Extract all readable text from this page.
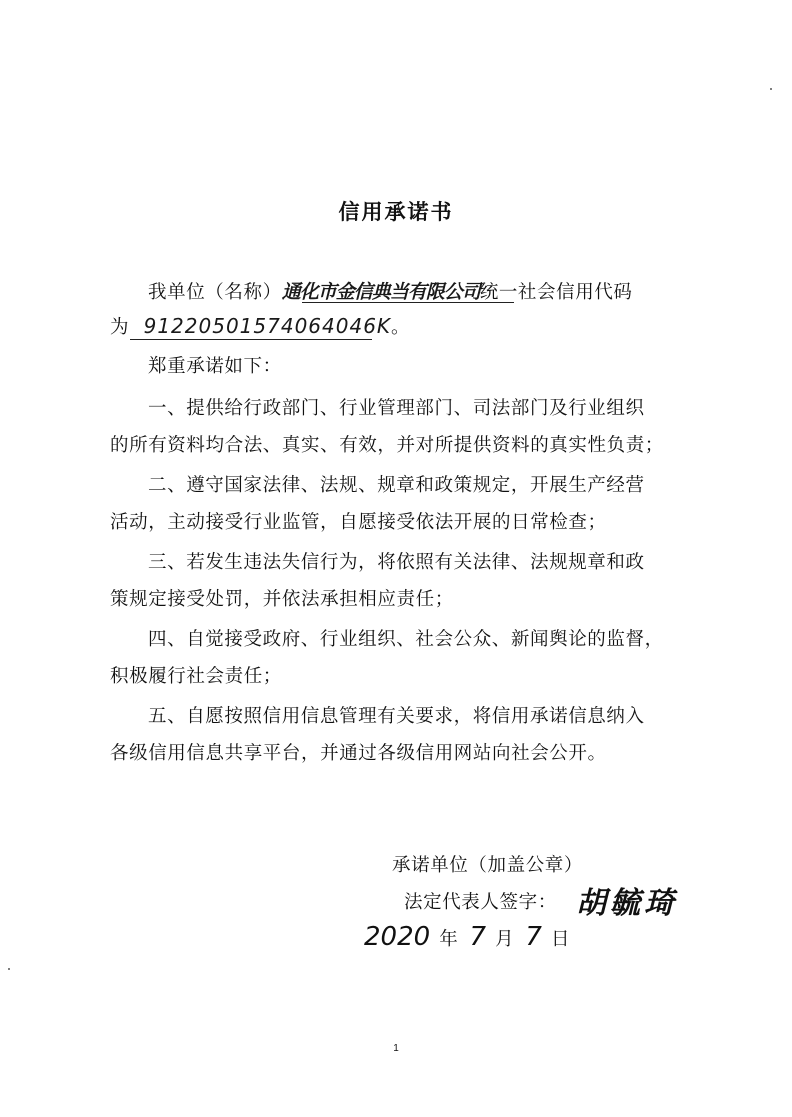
信用承诺书
我单位（名称）通化市金信典当有限公司统一社会信用代码
为 91220501574064046K。
郑重承诺如下：
一、提供给行政部门、行业管理部门、司法部门及行业组织
的所有资料均合法、真实、有效，并对所提供资料的真实性负责；
二、遵守国家法律、法规、规章和政策规定，开展生产经营
活动，主动接受行业监管，自愿接受依法开展的日常检查；
三、若发生违法失信行为，将依照有关法律、法规规章和政
策规定接受处罚，并依法承担相应责任；
四、自觉接受政府、行业组织、社会公众、新闻舆论的监督，
积极履行社会责任；
五、自愿按照信用信息管理有关要求，将信用承诺信息纳入
各级信用信息共享平台，并通过各级信用网站向社会公开。
承诺单位（加盖公章）
法定代表人签字： 胡毓琦
2020 年 7 月 7 日
1
